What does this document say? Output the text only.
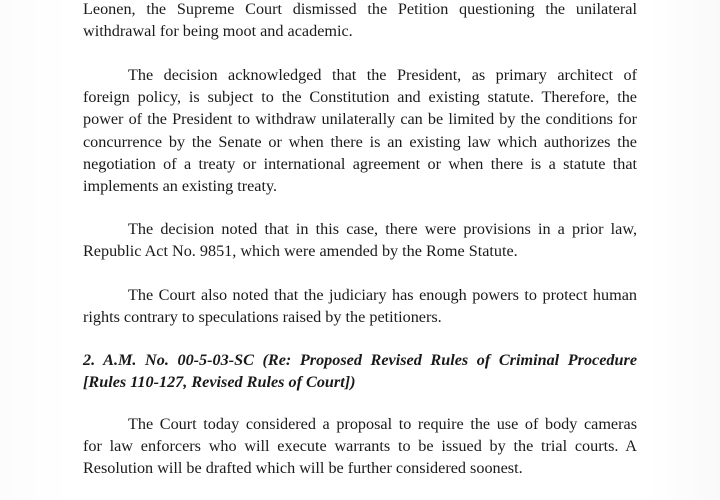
Leonen, the Supreme Court dismissed the Petition questioning the unilateral
withdrawal for being moot and academic.
The decision acknowledged that the President, as primary architect of
foreign policy, is subject to the Constitution and existing statute. Therefore, the
power of the President to withdraw unilaterally can be limited by the conditions for
concurrence by the Senate or when there is an existing law which authorizes the
negotiation of a treaty or international agreement or when there is a statute that
implements an existing treaty.
The decision noted that in this case, there were provisions in a prior law,
Republic Act No. 9851, which were amended by the Rome Statute.
The Court also noted that the judiciary has enough powers to protect human
rights contrary to speculations raised by the petitioners.
2. A.M. No. 00-5-03-SC (Re: Proposed Revised Rules of Criminal Procedure
[Rules 110-127, Revised Rules of Court])
The Court today considered a proposal to require the use of body cameras
for law enforcers who will execute warrants to be issued by the trial courts. A
Resolution will be drafted which will be further considered soonest.
